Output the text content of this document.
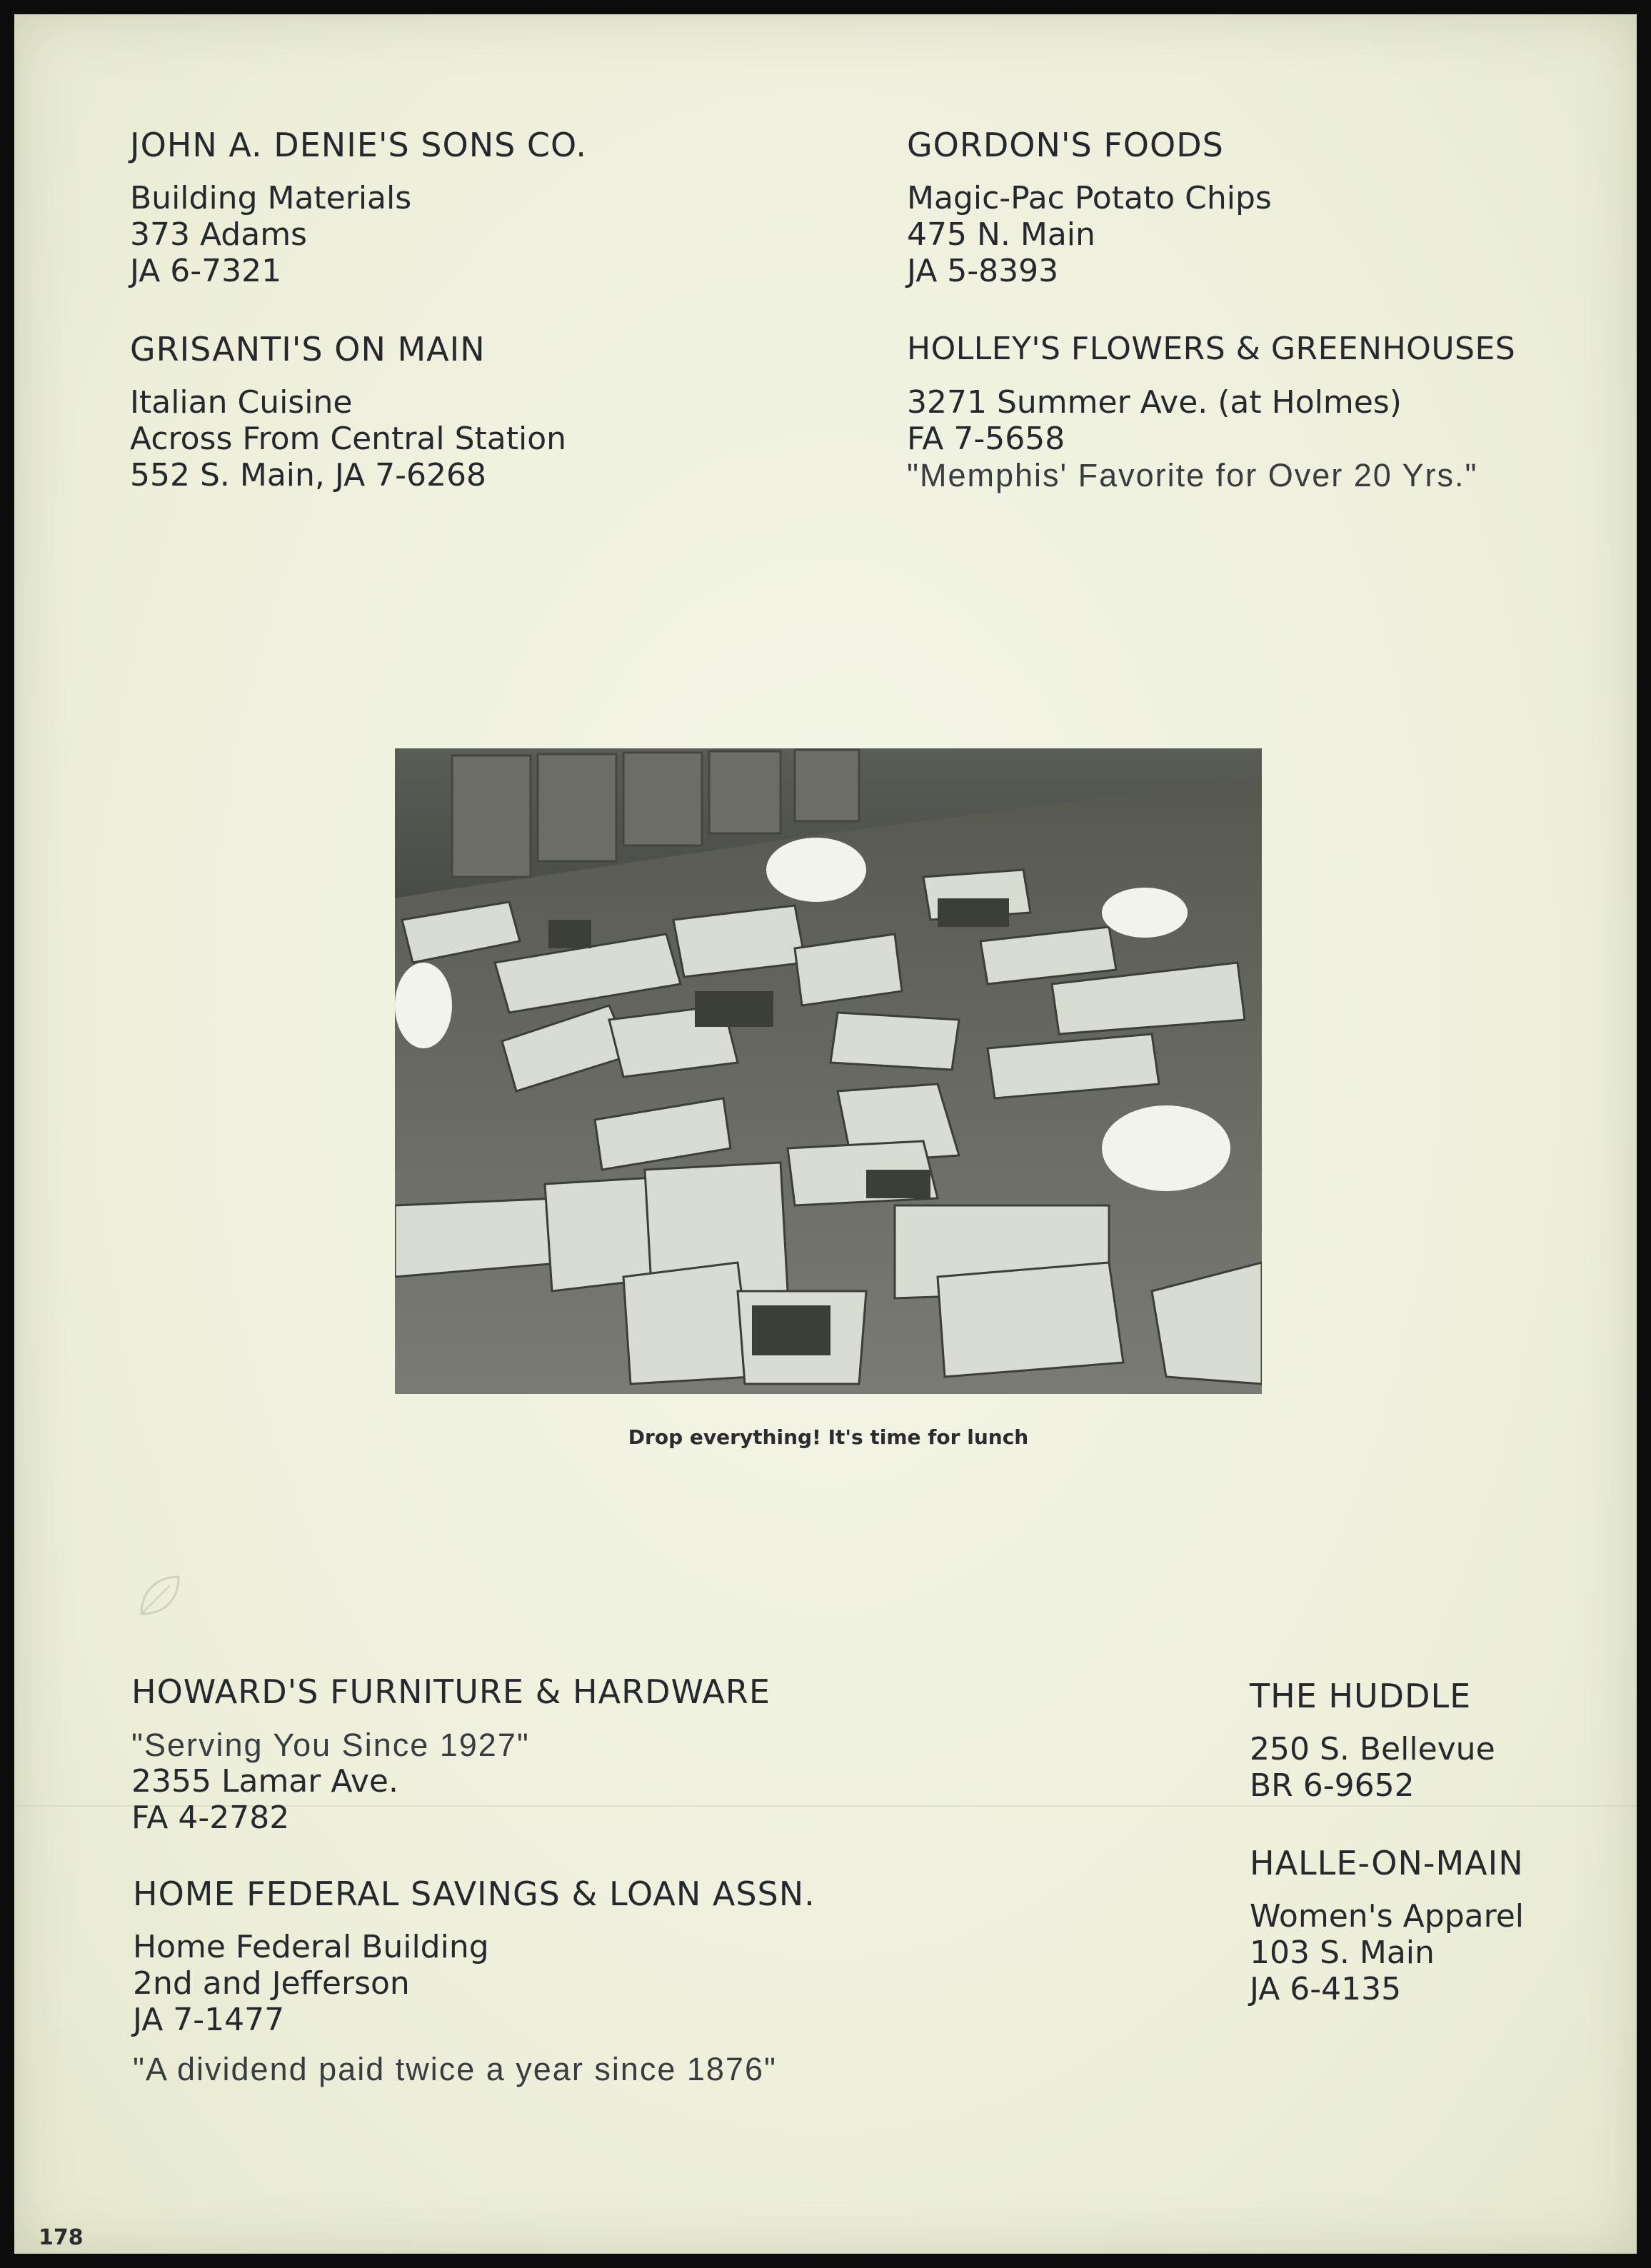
JOHN A. DENIE'S SONS CO.
Building Materials
373 Adams
JA 6-7321
GORDON'S FOODS
Magic-Pac Potato Chips
475 N. Main
JA 5-8393
GRISANTI'S ON MAIN
Italian Cuisine
Across From Central Station
552 S. Main, JA 7-6268
HOLLEY'S FLOWERS & GREENHOUSES
3271 Summer Ave. (at Holmes)
FA 7-5658
"Memphis' Favorite for Over 20 Yrs."
Drop everything! It's time for lunch
HOWARD'S FURNITURE & HARDWARE
"Serving You Since 1927"
2355 Lamar Ave.
FA 4-2782
HOME FEDERAL SAVINGS & LOAN ASSN.
Home Federal Building
2nd and Jefferson
JA 7-1477
"A dividend paid twice a year since 1876"
THE HUDDLE
250 S. Bellevue
BR 6-9652
HALLE-ON-MAIN
Women's Apparel
103 S. Main
JA 6-4135
178
